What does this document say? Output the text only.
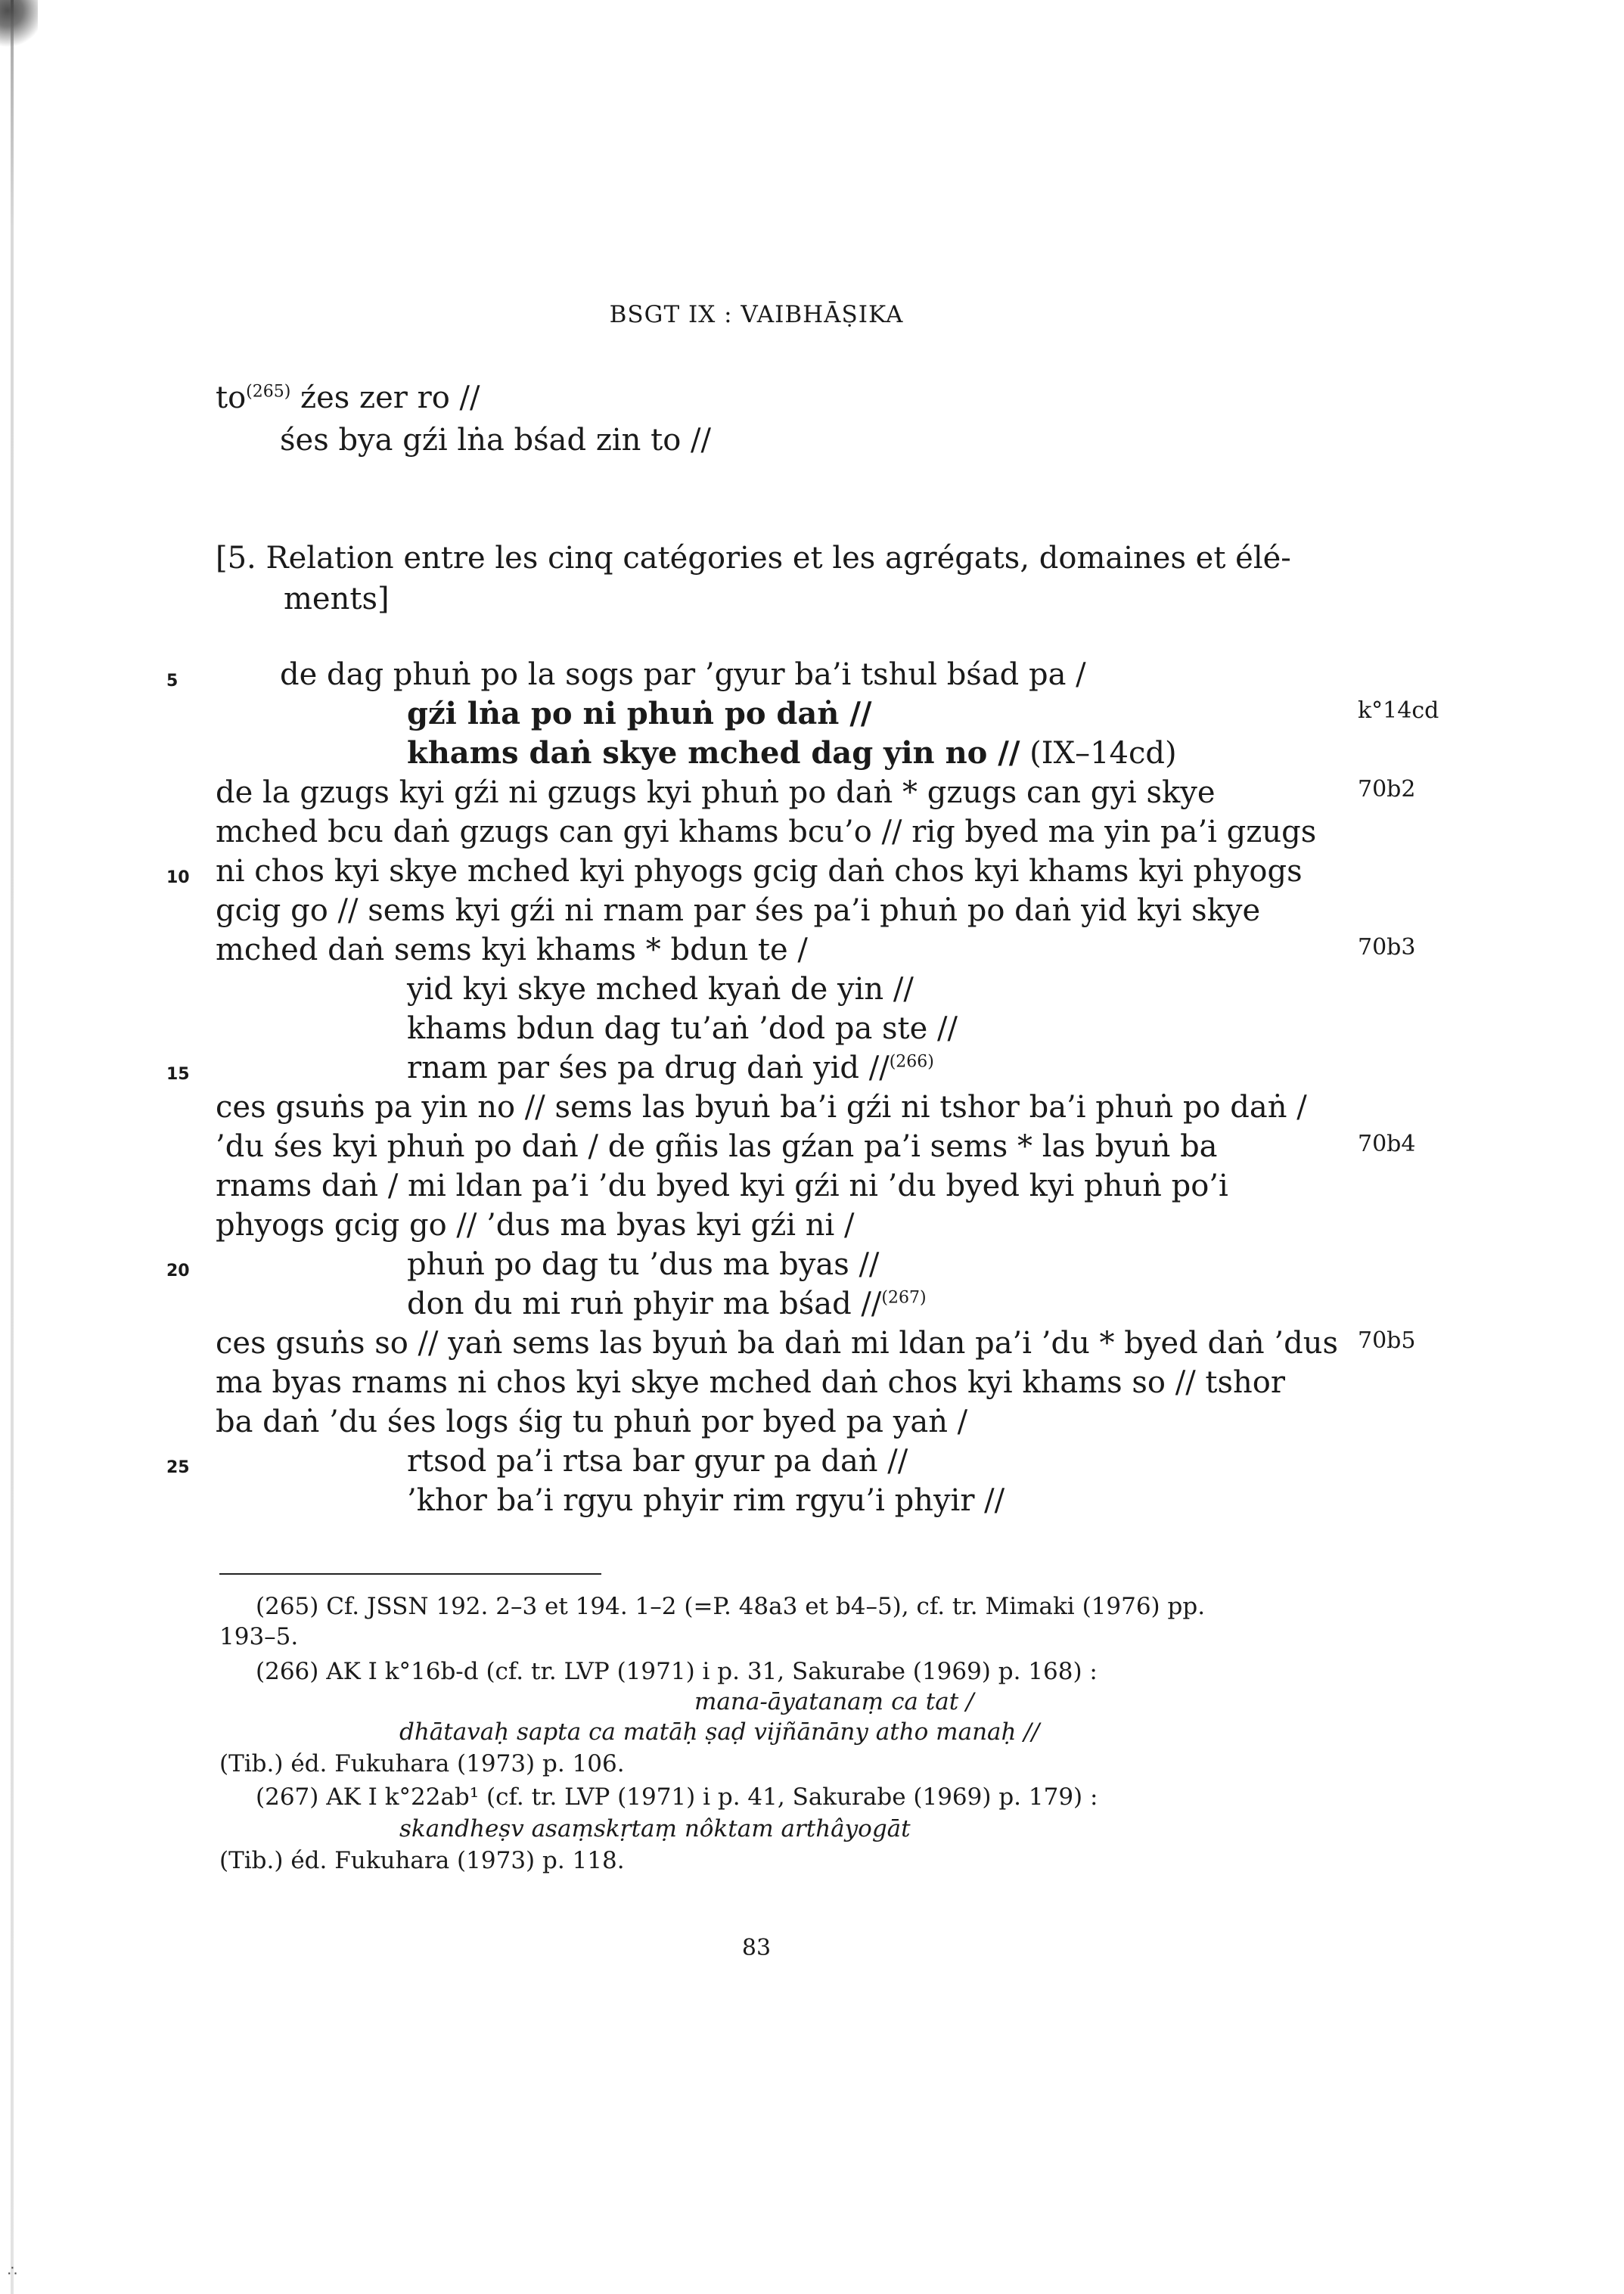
BSGT IX : VAIBHĀṢIKA
$to^{(265)}$ źes zer ro //
śes bya gźi lṅa bśad zin to //
[5. Relation entre les cinq catégories et les agrégats, domaines et élé-
ments]
5
10
15
20
25
k°14cd
70b2
70b3
70b4
70b5
de dag phuṅ po la sogs par ’gyur ba’i tshul bśad pa /
gźi lṅa po ni phuṅ po daṅ //
khams daṅ skye mched dag yin no // (IX–14cd)
de la gzugs kyi gźi ni gzugs kyi phuṅ po daṅ * gzugs can gyi skye
mched bcu daṅ gzugs can gyi khams bcu’o // rig byed ma yin pa’i gzugs
ni chos kyi skye mched kyi phyogs gcig daṅ chos kyi khams kyi phyogs
gcig go // sems kyi gźi ni rnam par śes pa’i phuṅ po daṅ yid kyi skye
mched daṅ sems kyi khams * bdun te /
yid kyi skye mched kyaṅ de yin //
khams bdun dag tu’aṅ ’dod pa ste //
rnam par śes pa drug daṅ yid //$^{(266)}$
ces gsuṅs pa yin no // sems las byuṅ ba’i gźi ni tshor ba’i phuṅ po daṅ /
’du śes kyi phuṅ po daṅ / de gñis las gźan pa’i sems * las byuṅ ba
rnams daṅ / mi ldan pa’i ’du byed kyi gźi ni ’du byed kyi phuṅ po’i
phyogs gcig go // ’dus ma byas kyi gźi ni /
phuṅ po dag tu ’dus ma byas //
don du mi ruṅ phyir ma bśad //$^{(267)}$
ces gsuṅs so // yaṅ sems las byuṅ ba daṅ mi ldan pa’i ’du * byed daṅ ’dus
ma byas rnams ni chos kyi skye mched daṅ chos kyi khams so // tshor
ba daṅ ’du śes logs śig tu phuṅ por byed pa yaṅ /
rtsod pa’i rtsa bar gyur pa daṅ //
’khor ba’i rgyu phyir rim rgyu’i phyir //
(265) Cf. JSSN 192. 2–3 et 194. 1–2 (=P. 48a3 et b4–5), cf. tr. Mimaki (1976) pp.
193–5.
(266) AK I k°16b-d (cf. tr. LVP (1971) i p. 31, Sakurabe (1969) p. 168) :
mana-āyatanaṃ ca tat /
dhātavaḥ sapta ca matāḥ ṣaḍ vijñānāny atho manaḥ //
(Tib.) éd. Fukuhara (1973) p. 106.
(267) AK I k°22ab¹ (cf. tr. LVP (1971) i p. 41, Sakurabe (1969) p. 179) :
skandheṣv asaṃskṛtaṃ nôktam arthâyogāt
(Tib.) éd. Fukuhara (1973) p. 118.
83
∴
